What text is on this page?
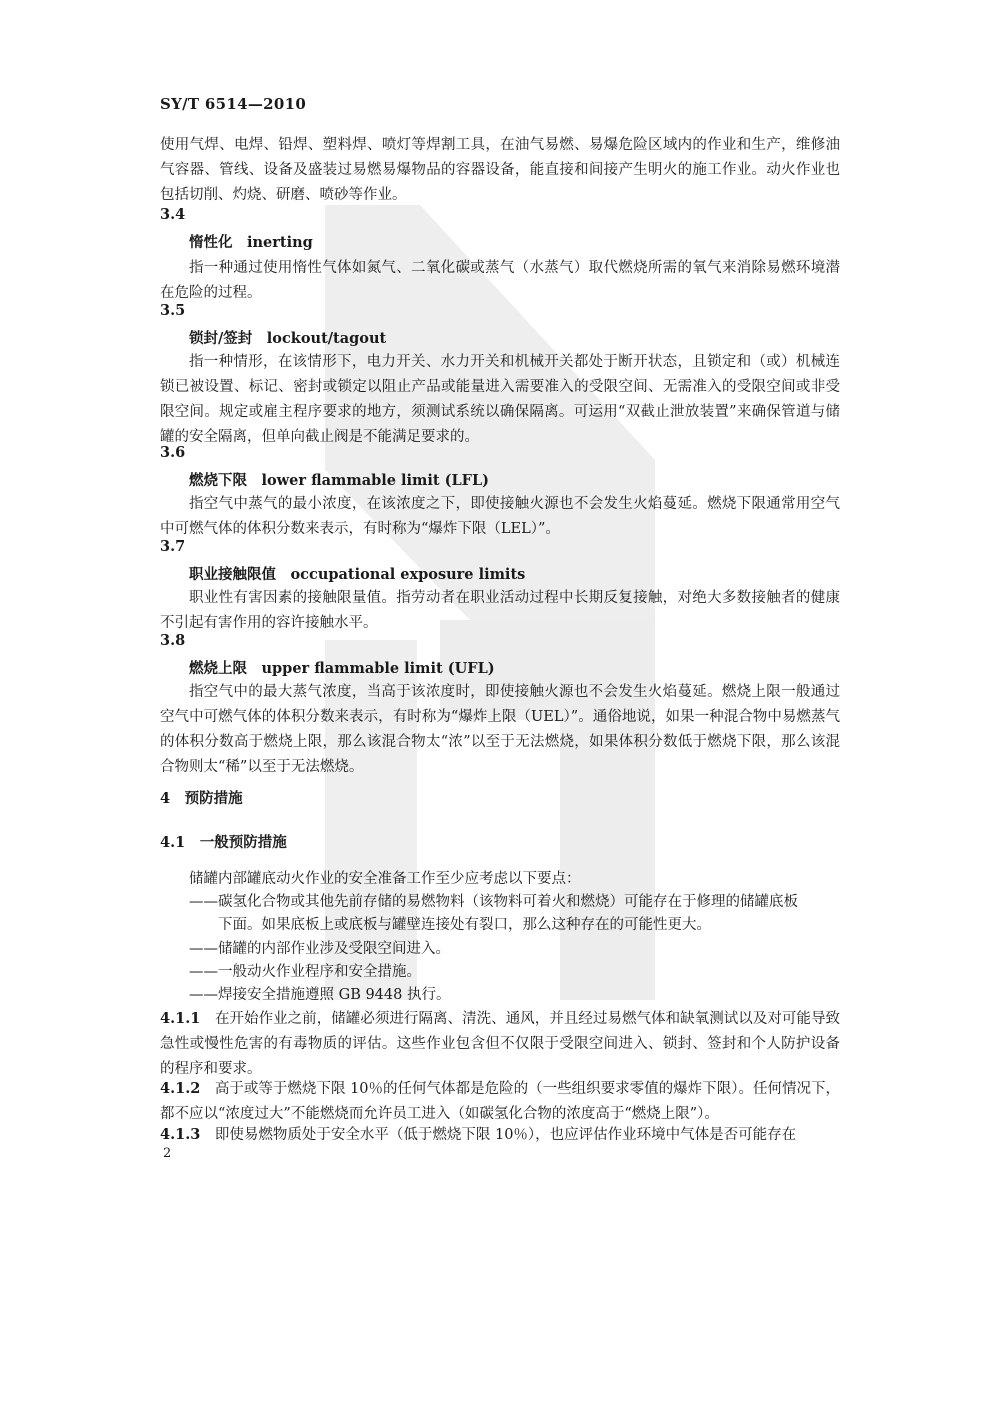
SY/T 6514—2010
使用气焊、电焊、铅焊、塑料焊、喷灯等焊割工具，在油气易燃、易爆危险区域内的作业和生产，维修油气容器、管线、设备及盛装过易燃易爆物品的容器设备，能直接和间接产生明火的施工作业。动火作业也包括切削、灼烧、研磨、喷砂等作业。
3.4
惰性化　inerting
指一种通过使用惰性气体如氮气、二氧化碳或蒸气（水蒸气）取代燃烧所需的氧气来消除易燃环境潜在危险的过程。
3.5
锁封/签封　lockout/tagout
指一种情形，在该情形下，电力开关、水力开关和机械开关都处于断开状态，且锁定和（或）机械连锁已被设置、标记、密封或锁定以阻止产品或能量进入需要准入的受限空间、无需准入的受限空间或非受限空间。规定或雇主程序要求的地方，须测试系统以确保隔离。可运用“双截止泄放装置”来确保管道与储罐的安全隔离，但单向截止阀是不能满足要求的。
3.6
燃烧下限　lower flammable limit (LFL)
指空气中蒸气的最小浓度，在该浓度之下，即使接触火源也不会发生火焰蔓延。燃烧下限通常用空气中可燃气体的体积分数来表示，有时称为“爆炸下限（LEL）”。
3.7
职业接触限值　occupational exposure limits
职业性有害因素的接触限量值。指劳动者在职业活动过程中长期反复接触，对绝大多数接触者的健康不引起有害作用的容许接触水平。
3.8
燃烧上限　upper flammable limit (UFL)
指空气中的最大蒸气浓度，当高于该浓度时，即使接触火源也不会发生火焰蔓延。燃烧上限一般通过空气中可燃气体的体积分数来表示，有时称为“爆炸上限（UEL）”。通俗地说，如果一种混合物中易燃蒸气的体积分数高于燃烧上限，那么该混合物太“浓”以至于无法燃烧，如果体积分数低于燃烧下限，那么该混合物则太“稀”以至于无法燃烧。
4　预防措施
4.1　一般预防措施
储罐内部罐底动火作业的安全准备工作至少应考虑以下要点：
——碳氢化合物或其他先前存储的易燃物料（该物料可着火和燃烧）可能存在于修理的储罐底板
下面。如果底板上或底板与罐壁连接处有裂口，那么这种存在的可能性更大。
——储罐的内部作业涉及受限空间进入。
——一般动火作业程序和安全措施。
——焊接安全措施遵照 GB 9448 执行。
4.1.1　 在开始作业之前，储罐必须进行隔离、清洗、通风，并且经过易燃气体和缺氧测试以及对可能导致急性或慢性危害的有毒物质的评估。这些作业包含但不仅限于受限空间进入、锁封、签封和个人防护设备的程序和要求。
4.1.2　 高于或等于燃烧下限 10％的任何气体都是危险的（一些组织要求零值的爆炸下限）。任何情况下，都不应以“浓度过大”不能燃烧而允许员工进入（如碳氢化合物的浓度高于“燃烧上限”）。
4.1.3　 即使易燃物质处于安全水平（低于燃烧下限 10％），也应评估作业环境中气体是否可能存在
2
